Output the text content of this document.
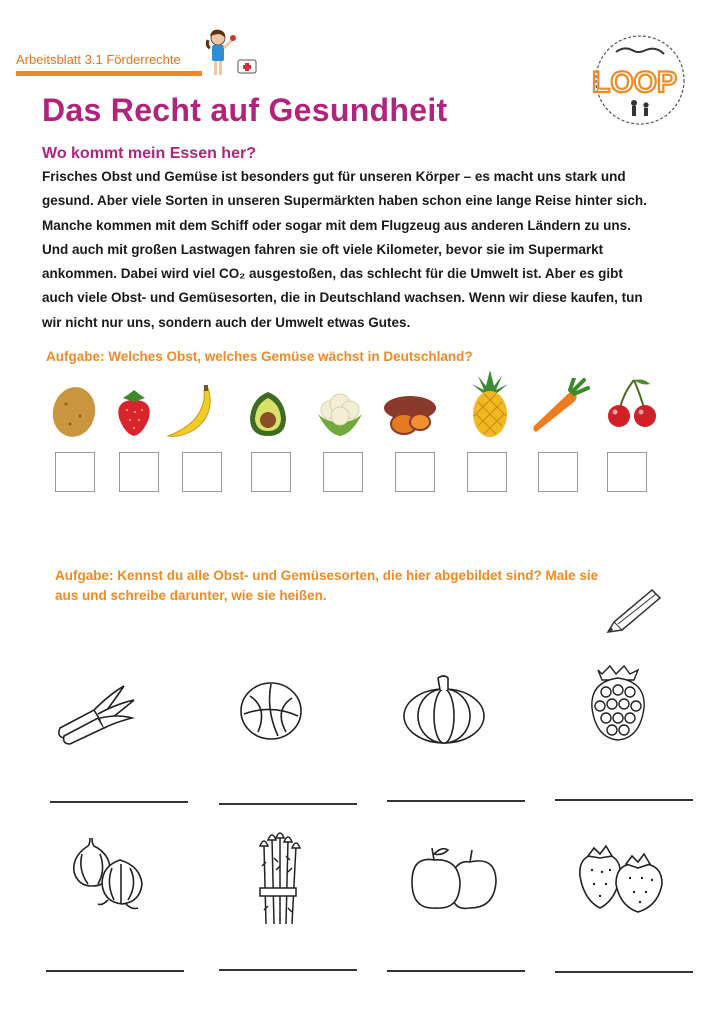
Arbeitsblatt 3.1 Förderrechte
LOOP
Das Recht auf Gesundheit
Wo kommt mein Essen her?

Frisches Obst und Gemüse ist besonders gut für unseren Körper – es macht uns stark und

gesund. Aber viele Sorten in unseren Supermärkten haben schon eine lange Reise hinter sich.

Manche kommen mit dem Schiff oder sogar mit dem Flugzeug aus anderen Ländern zu uns.

Und auch mit großen Lastwagen fahren sie oft viele Kilometer, bevor sie im Supermarkt

ankommen. Dabei wird viel CO₂ ausgestoßen, das schlecht für die Umwelt ist. Aber es gibt

auch viele Obst- und Gemüsesorten, die in Deutschland wachsen. Wenn wir diese kaufen, tun

wir nicht nur uns, sondern auch der Umwelt etwas Gutes.

Aufgabe: Welches Obst, welches Gemüse wächst in Deutschland?
Aufgabe: Kennst du alle Obst- und Gemüsesorten, die hier abgebildet sind? Male sie aus und schreibe darunter, wie sie heißen.
